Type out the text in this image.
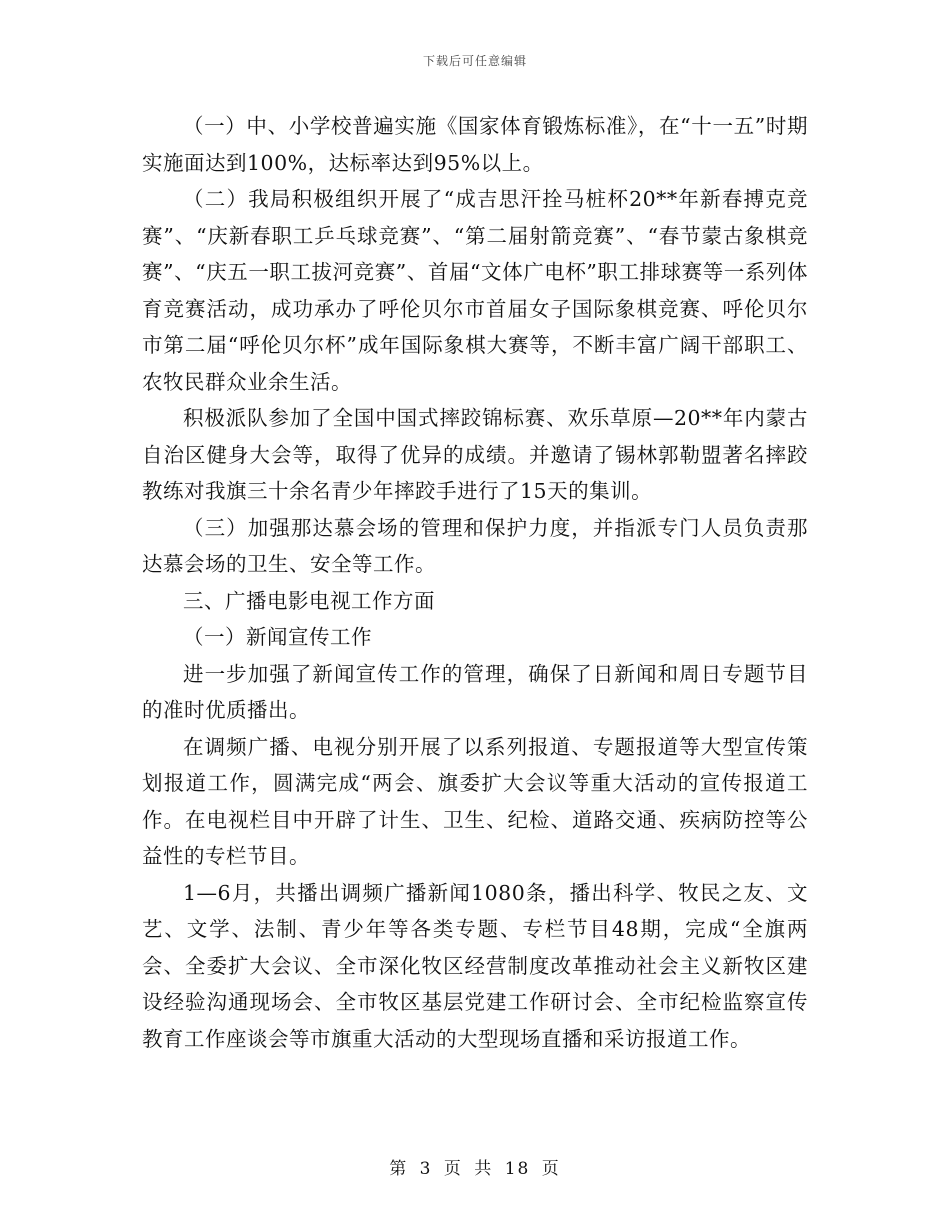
下载后可任意编辑

（一）中、小学校普遍实施《国家体育锻炼标准》，在“十一五”时期实施面达到100%，达标率达到95%以上。

（二）我局积极组织开展了“成吉思汗拴马桩杯20**年新春搏克竞赛”、“庆新春职工乒乓球竞赛”、“第二届射箭竞赛”、“春节蒙古象棋竞赛”、“庆五一职工拔河竞赛”、首届“文体广电杯”职工排球赛等一系列体育竞赛活动，成功承办了呼伦贝尔市首届女子国际象棋竞赛、呼伦贝尔市第二届“呼伦贝尔杯”成年国际象棋大赛等，不断丰富广阔干部职工、农牧民群众业余生活。

积极派队参加了全国中国式摔跤锦标赛、欢乐草原—20**年内蒙古自治区健身大会等，取得了优异的成绩。并邀请了锡林郭勒盟著名摔跤教练对我旗三十余名青少年摔跤手进行了15天的集训。

（三）加强那达慕会场的管理和保护力度，并指派专门人员负责那达慕会场的卫生、安全等工作。

三、广播电影电视工作方面

（一）新闻宣传工作

进一步加强了新闻宣传工作的管理，确保了日新闻和周日专题节目的准时优质播出。

在调频广播、电视分别开展了以系列报道、专题报道等大型宣传策划报道工作，圆满完成“两会、旗委扩大会议等重大活动的宣传报道工作。在电视栏目中开辟了计生、卫生、纪检、道路交通、疾病防控等公益性的专栏节目。

1—6月，共播出调频广播新闻1080条，播出科学、牧民之友、文艺、文学、法制、青少年等各类专题、专栏节目48期，完成“全旗两会、全委扩大会议、全市深化牧区经营制度改革推动社会主义新牧区建设经验沟通现场会、全市牧区基层党建工作研讨会、全市纪检监察宣传教育工作座谈会等市旗重大活动的大型现场直播和采访报道工作。

第 3 页 共 18 页
